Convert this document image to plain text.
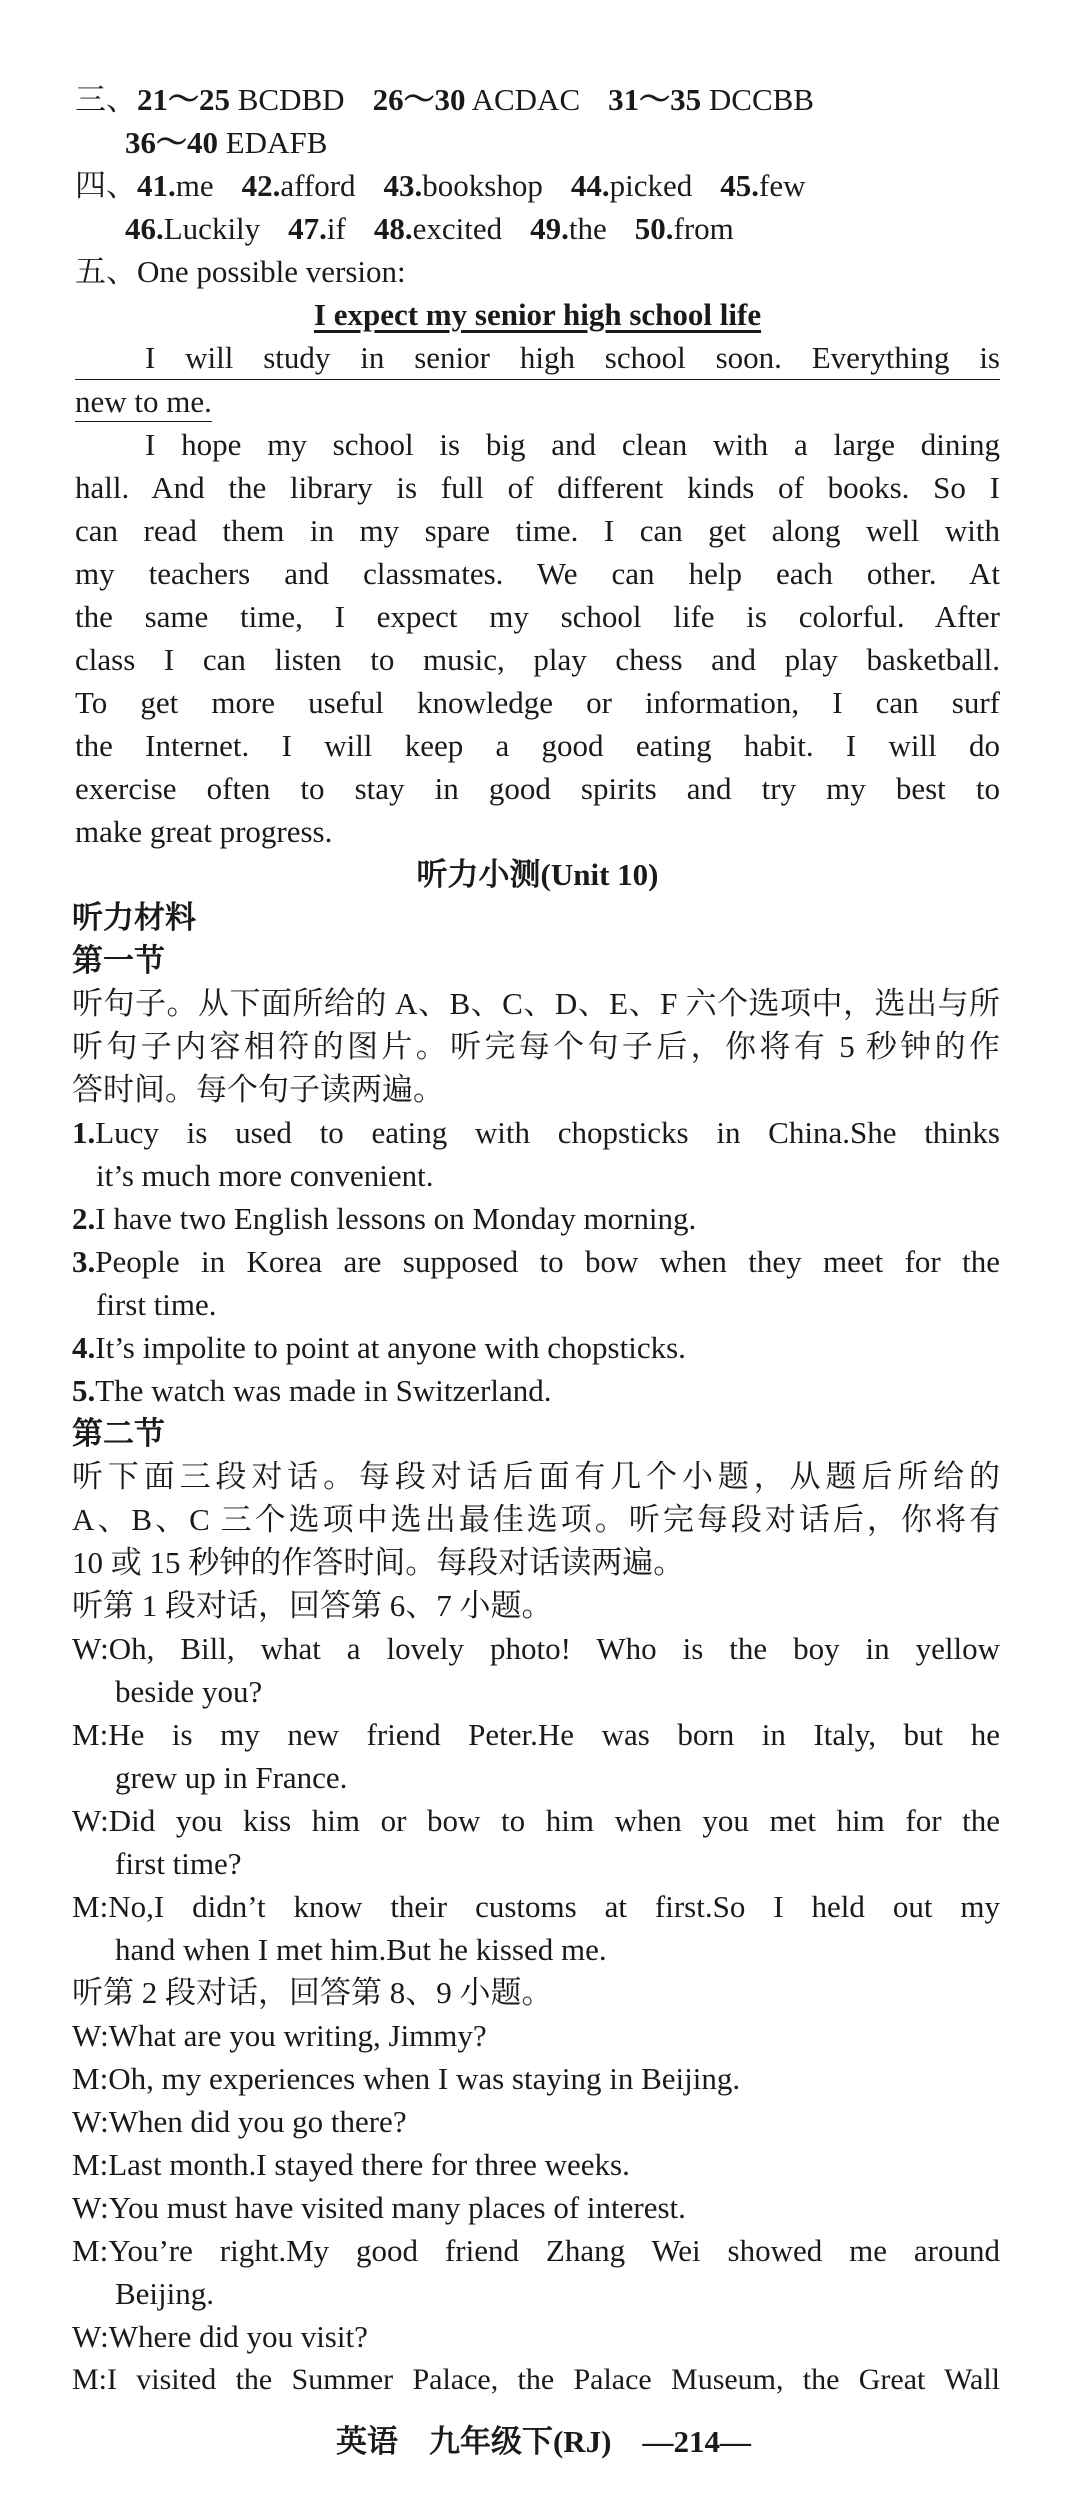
三、21～25 BCDBD 26～30 ACDAC 31～35 DCCBB
36～40 EDAFB
四、41.me 42.afford 43.bookshop 44.picked 45.few
46.Luckily 47.if 48.excited 49.the 50.from
五、One possible version:
I expect my senior high school life
I will study in senior high school soon. Everything is
new to me.
I hope my school is big and clean with a large dining
hall. And the library is full of different kinds of books. So I
can read them in my spare time. I can get along well with
my teachers and classmates. We can help each other. At
the same time, I expect my school life is colorful. After
class I can listen to music, play chess and play basketball.
To get more useful knowledge or information, I can surf
the Internet. I will keep a good eating habit. I will do
exercise often to stay in good spirits and try my best to
make great progress.
听力小测(Unit 10)
听力材料
第一节
听句子。从下面所给的 A、B、C、D、E、F 六个选项中，选出与所
听句子内容相符的图片。听完每个句子后，你将有 5 秒钟的作
答时间。每个句子读两遍。
1.Lucy is used to eating with chopsticks in China.She thinks
it’s much more convenient.
2.I have two English lessons on Monday morning.
3.People in Korea are supposed to bow when they meet for the
first time.
4.It’s impolite to point at anyone with chopsticks.
5.The watch was made in Switzerland.
第二节
听下面三段对话。每段对话后面有几个小题，从题后所给的
A、B、C 三个选项中选出最佳选项。听完每段对话后，你将有
10 或 15 秒钟的作答时间。每段对话读两遍。
听第 1 段对话，回答第 6、7 小题。
W:Oh, Bill, what a lovely photo! Who is the boy in yellow
beside you?
M:He is my new friend Peter.He was born in Italy, but he
grew up in France.
W:Did you kiss him or bow to him when you met him for the
first time?
M:No,I didn’t know their customs at first.So I held out my
hand when I met him.But he kissed me.
听第 2 段对话，回答第 8、9 小题。
W:What are you writing, Jimmy?
M:Oh, my experiences when I was staying in Beijing.
W:When did you go there?
M:Last month.I stayed there for three weeks.
W:You must have visited many places of interest.
M:You’re right.My good friend Zhang Wei showed me around
Beijing.
W:Where did you visit?
M:I visited the Summer Palace, the Palace Museum, the Great Wall
英语　九年级下(RJ)　—214—
